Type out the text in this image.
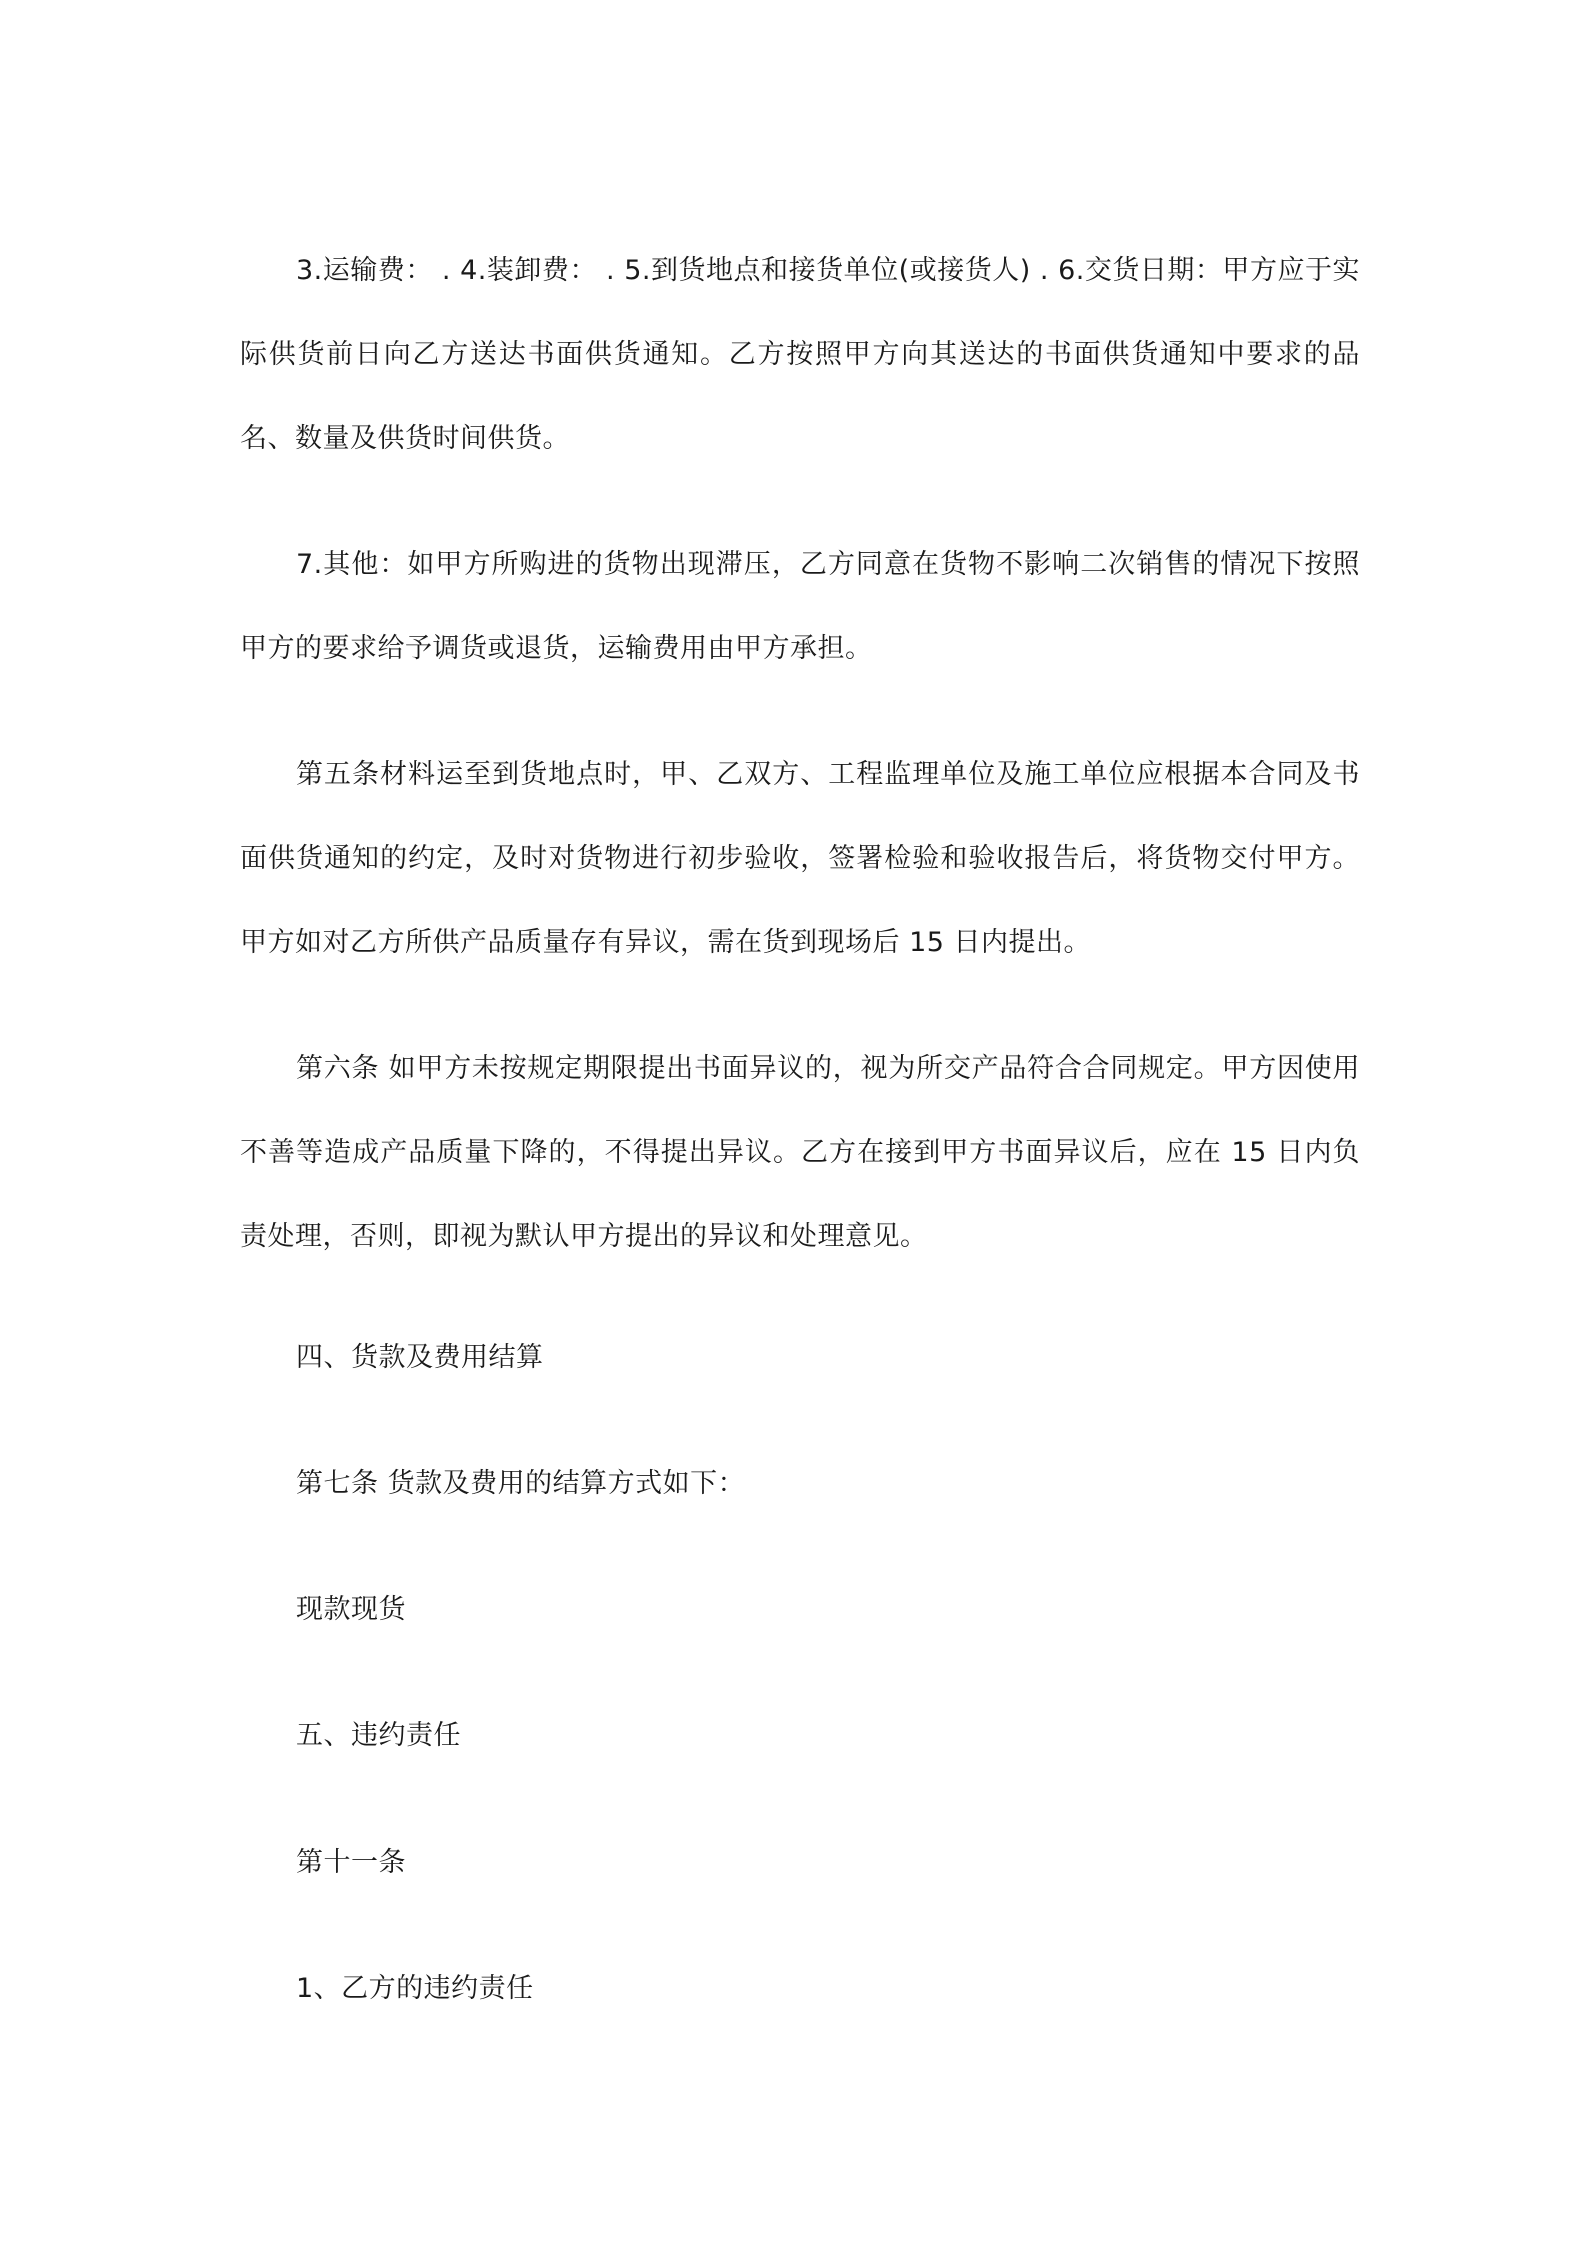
3.运输费： . 4.装卸费： . 5.到货地点和接货单位(或接货人) . 6.交货日期：甲方应于实际供货前日向乙方送达书面供货通知。乙方按照甲方向其送达的书面供货通知中要求的品名、数量及供货时间供货。

7.其他：如甲方所购进的货物出现滞压，乙方同意在货物不影响二次销售的情况下按照甲方的要求给予调货或退货，运输费用由甲方承担。

第五条材料运至到货地点时，甲、乙双方、工程监理单位及施工单位应根据本合同及书面供货通知的约定，及时对货物进行初步验收，签署检验和验收报告后，将货物交付甲方。甲方如对乙方所供产品质量存有异议，需在货到现场后 15 日内提出。

第六条 如甲方未按规定期限提出书面异议的，视为所交产品符合合同规定。甲方因使用不善等造成产品质量下降的，不得提出异议。乙方在接到甲方书面异议后，应在 15 日内负责处理，否则，即视为默认甲方提出的异议和处理意见。

四、货款及费用结算

第七条 货款及费用的结算方式如下：

现款现货

五、违约责任

第十一条

1、乙方的违约责任
